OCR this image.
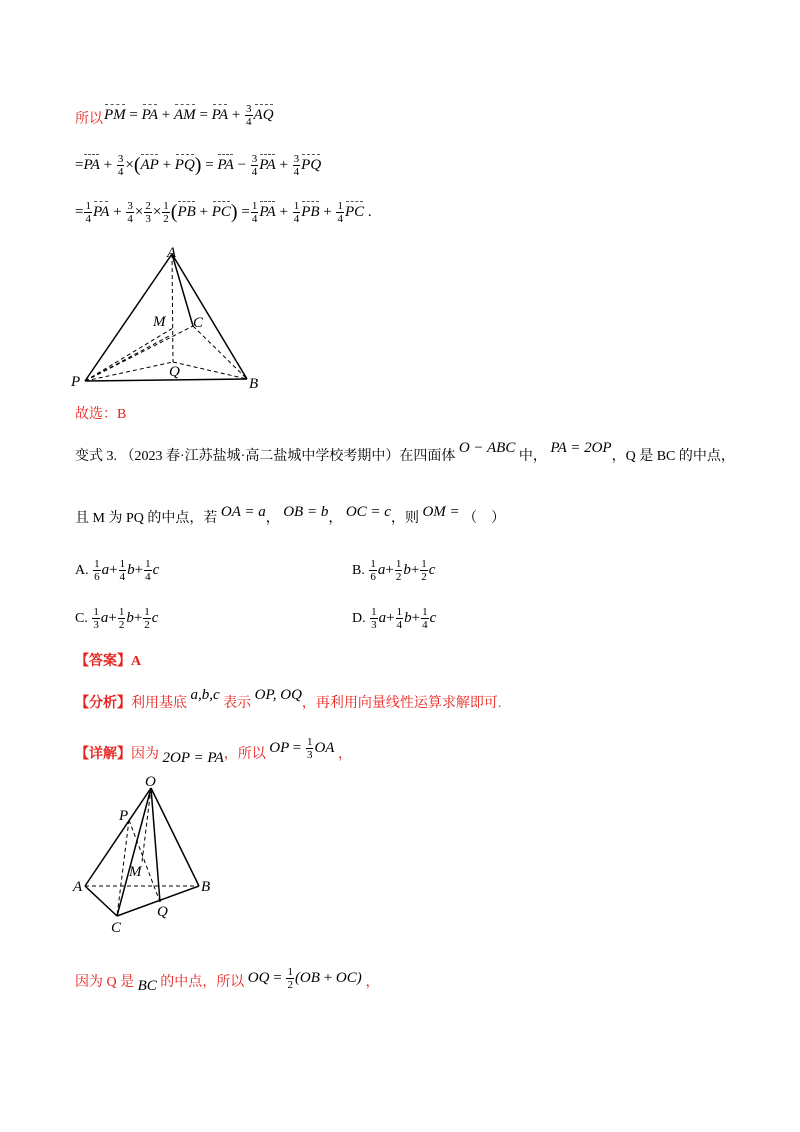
所以 PM = PA + AM = PA + $\frac{3}{4}$ AQ
$=PA + \frac{3}{4} \times(AP + PQ)$ = PA − $\frac{3}{4}$ PA + $\frac{3}{4}$ PQ
= $\frac{1}{4}$ PA + $\frac{3}{4} \times \frac{2}{3} \times \frac{1}{2} (PB + PC) = \frac{1}{4}$ PA + $\frac{1}{4}$ PB + $\frac{1}{4}$ PC .
A
M C
P
Q
B
故选：B
变式 3. （2023 春·江苏盐城·高二盐城中学校考期中）在四面体 O − ABC 中， PA = 2OP，Q 是 BC 的中点，
且 M 为 PQ 的中点，若 OA = a， OB = b， OC = c，则 OM = （　）
A. $\frac{1}{6} a+ \frac{1}{4} b+ \frac{1}{4}$ c	B. $\frac{1}{6} a+ \frac{1}{2} b+ \frac{1}{2}$ c
C. $\frac{1}{3} a+ \frac{1}{2} b+ \frac{1}{2}$ c	D. $\frac{1}{3} a+ \frac{1}{4} b+ \frac{1}{4}$ c
【答案】A
【分析】利用基底 a,b,c 表示 OP, OQ，再利用向量线性运算求解即可.
【详解】因为 2OP = PA，所以 OP = $\frac{1}{3}$ OA ，
O
P
M
A	B
Q
C
因为 Q 是 BC 的中点，所以 OQ = $\frac{1}{2} (OB + OC)$ ，
